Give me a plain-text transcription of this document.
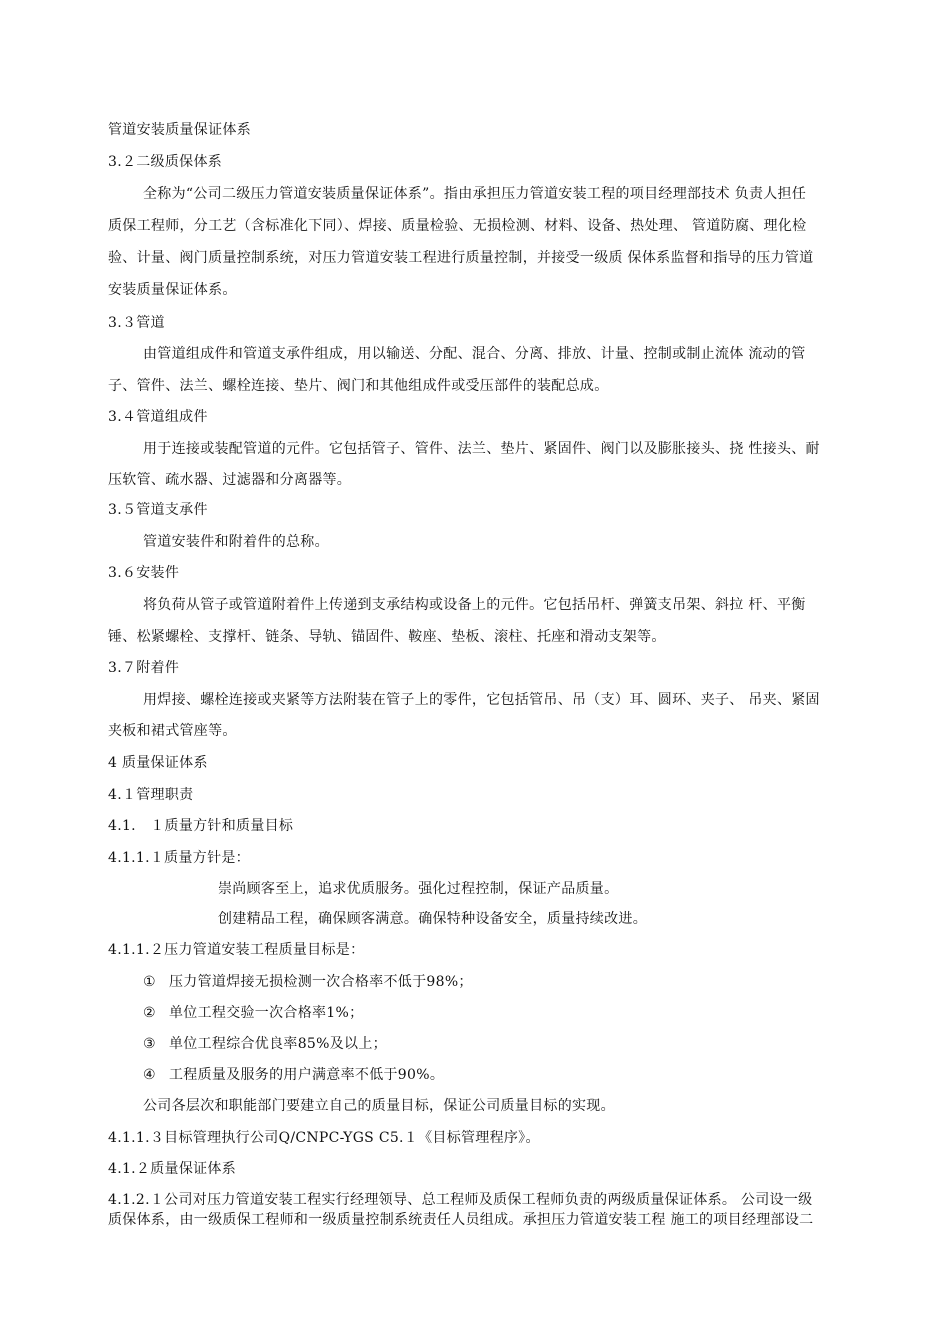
管道安装质量保证体系
3.２二级质保体系
全称为“公司二级压力管道安装质量保证体系”。指由承担压力管道安装工程的项目经理部技术 负责人担任
质保工程师，分工艺（含标准化下同）、焊接、质量检验、无损检测、材料、设备、热处理、 管道防腐、理化检
验、计量、阀门质量控制系统，对压力管道安装工程进行质量控制，并接受一级质 保体系监督和指导的压力管道
安装质量保证体系。
3.３管道
由管道组成件和管道支承件组成，用以输送、分配、混合、分离、排放、计量、控制或制止流体 流动的管
子、管件、法兰、螺栓连接、垫片、阀门和其他组成件或受压部件的装配总成。
3.４管道组成件
用于连接或装配管道的元件。它包括管子、管件、法兰、垫片、紧固件、阀门以及膨胀接头、挠 性接头、耐
压软管、疏水器、过滤器和分离器等。
3.５管道支承件
管道安装件和附着件的总称。
3.６安装件
将负荷从管子或管道附着件上传递到支承结构或设备上的元件。它包括吊杆、弹簧支吊架、斜拉 杆、平衡
锤、松紧螺栓、支撑杆、链条、导轨、锚固件、鞍座、垫板、滚柱、托座和滑动支架等。
3.７附着件
用焊接、螺栓连接或夹紧等方法附装在管子上的零件，它包括管吊、吊（支）耳、圆环、夹子、 吊夹、紧固
夹板和裙式管座等。
4 质量保证体系
4.１管理职责
4.1.　１质量方针和质量目标
4.1.1.１质量方针是：
崇尚顾客至上，追求优质服务。强化过程控制，保证产品质量。
创建精品工程，确保顾客满意。确保特种设备安全，质量持续改进。
4.1.1.２压力管道安装工程质量目标是：
① 压力管道焊接无损检测一次合格率不低于98%；
② 单位工程交验一次合格率1%；
③ 单位工程综合优良率85%及以上；
④ 工程质量及服务的用户满意率不低于90%。
公司各层次和职能部门要建立自己的质量目标，保证公司质量目标的实现。
4.1.1.３目标管理执行公司Q/CNPC-YGS C5.１《目标管理程序》。
4.1.２质量保证体系
4.1.2.１公司对压力管道安装工程实行经理领导、总工程师及质保工程师负责的两级质量保证体系。 公司设一级
质保体系，由一级质保工程师和一级质量控制系统责任人员组成。承担压力管道安装工程 施工的项目经理部设二
